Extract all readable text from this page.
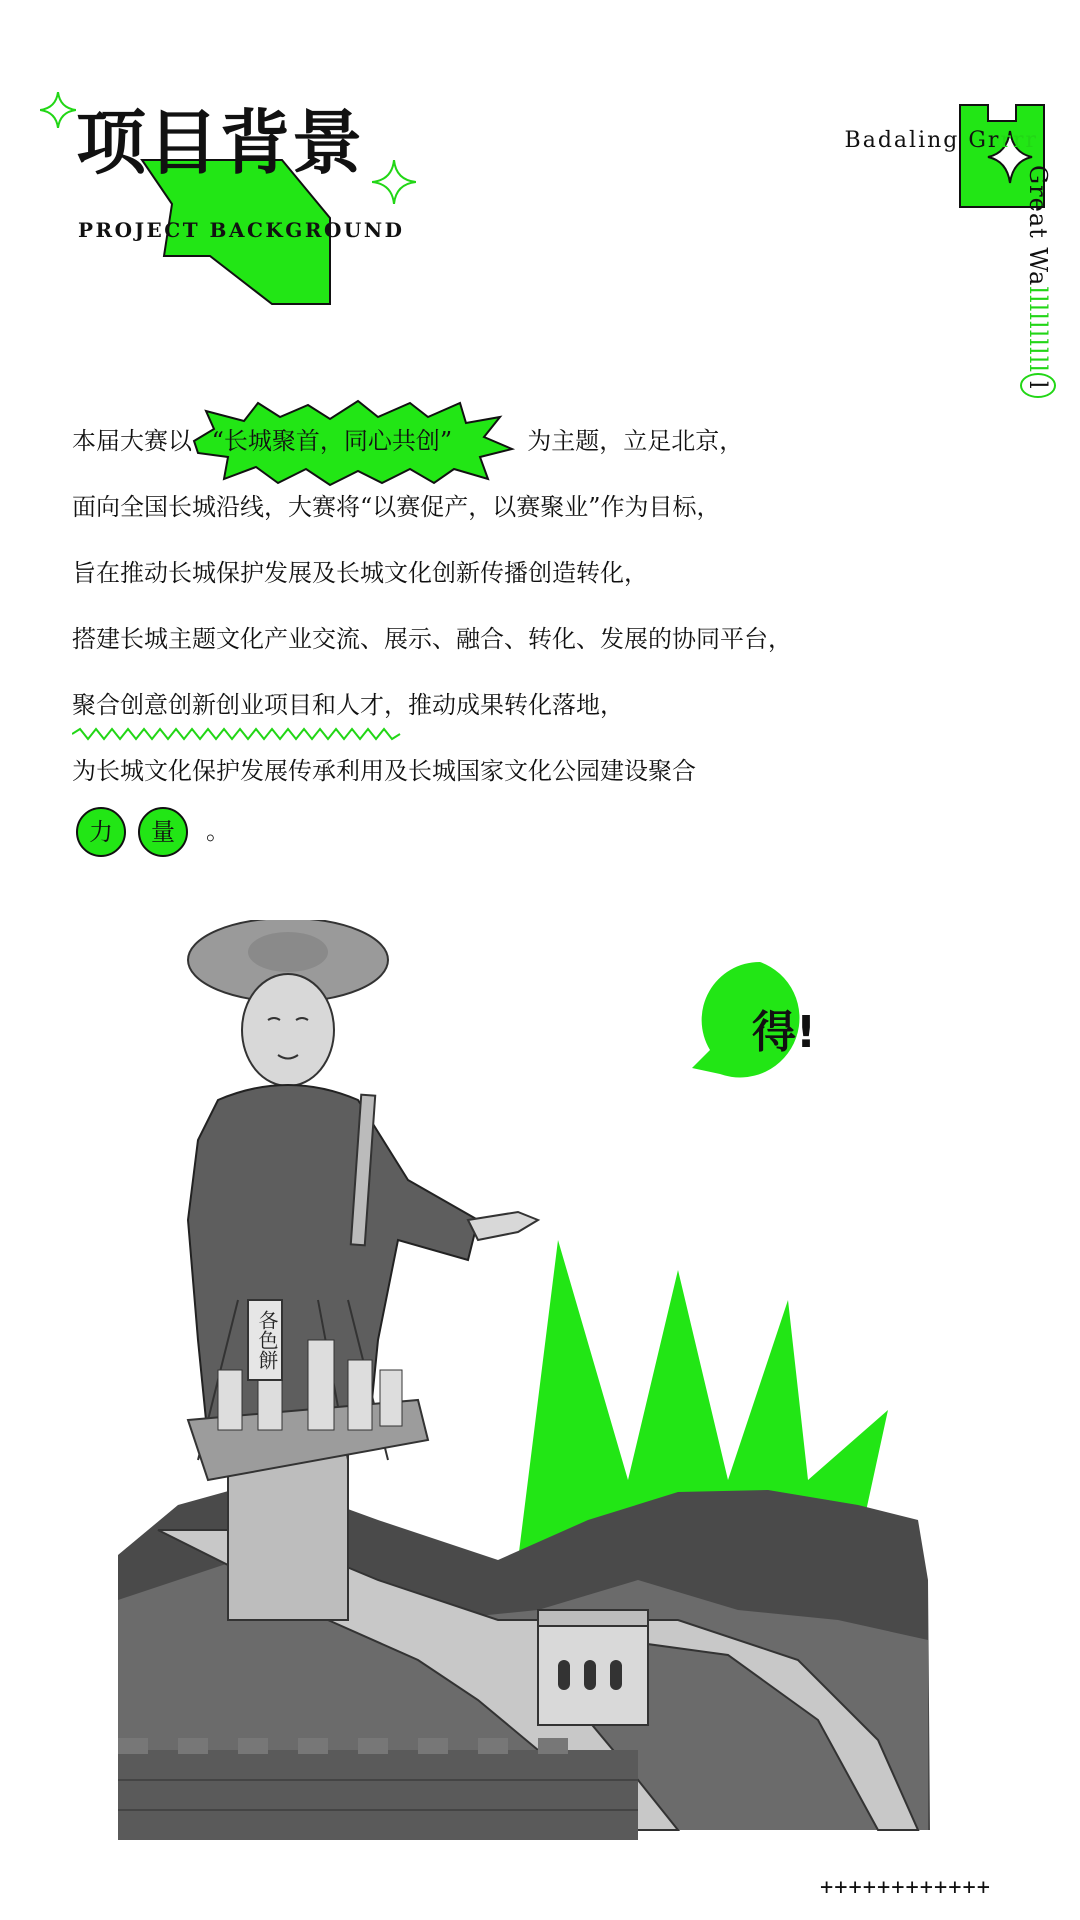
项目背景
PROJECT BACKGROUND
Badaling Grrrr
Great Walllllllllll
本届大赛以 “长城聚首，同心共创”	为主题，立足北京，
面向全国长城沿线，大赛将“以赛促产，以赛聚业”作为目标，
旨在推动长城保护发展及长城文化创新传播创造转化，
搭建长城主题文化产业交流、展示、融合、转化、发展的协同平台，
聚合创意创新创业项目和人才，推动成果转化落地，
为长城文化保护发展传承利用及长城国家文化公园建设聚合
力	量	。
各色餅
得!
++++++++++++
